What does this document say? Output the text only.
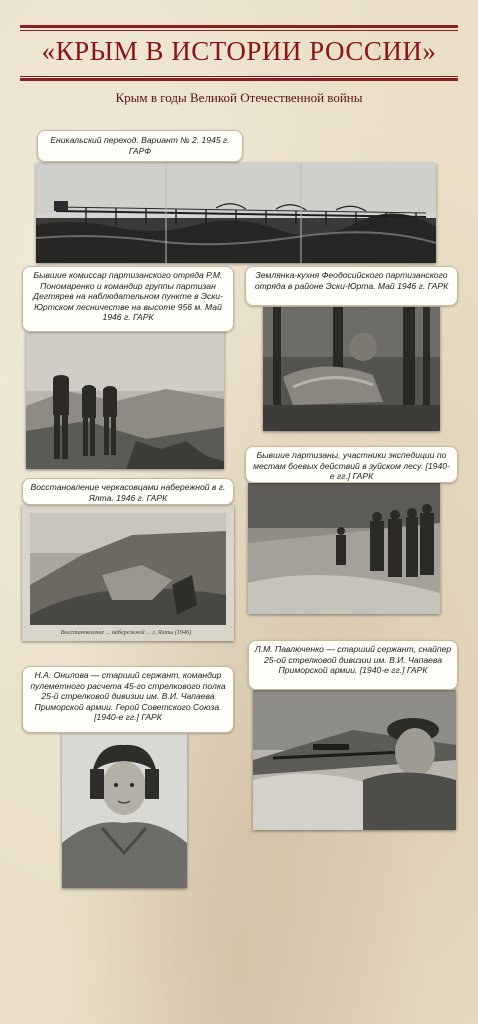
«КРЫМ В ИСТОРИИ РОССИИ»
Крым в годы Великой Отечественной войны
Еникальский переход. Вариант № 2. 1945 г. ГАРФ
Бывшие комиссар партизанского отряда Р.М. Пономаренко и командир группы партизан Дегтярев на наблюдательном пункте в Эски-Юртском лесничестве на высоте 956 м. Май 1946 г. ГАРК
Землянка-кухня Феодосийского партизанского отряда в районе Эски-Юрта. Май 1946 г. ГАРК
Бывшие партизаны, участники экспедиции по местам боевых действий в зуйском лесу. [1940-е гг.] ГАРК
Восстановление ... набережной ... г. Ялты (1946)
Восстановление черкасовцами набережной в г. Ялта. 1946 г. ГАРК
Н.А. Онилова — старший сержант, командир пулеметного расчета 45-го стрелкового полка 25-й стрелковой дивизии им. В.И. Чапаева Приморской армии. Герой Советского Союза. [1940-е гг.] ГАРК
Л.М. Павлюченко — старший сержант, снайпер 25-ой стрелковой дивизии им. В.И. Чапаева Приморской армии. [1940-е гг.] ГАРК
